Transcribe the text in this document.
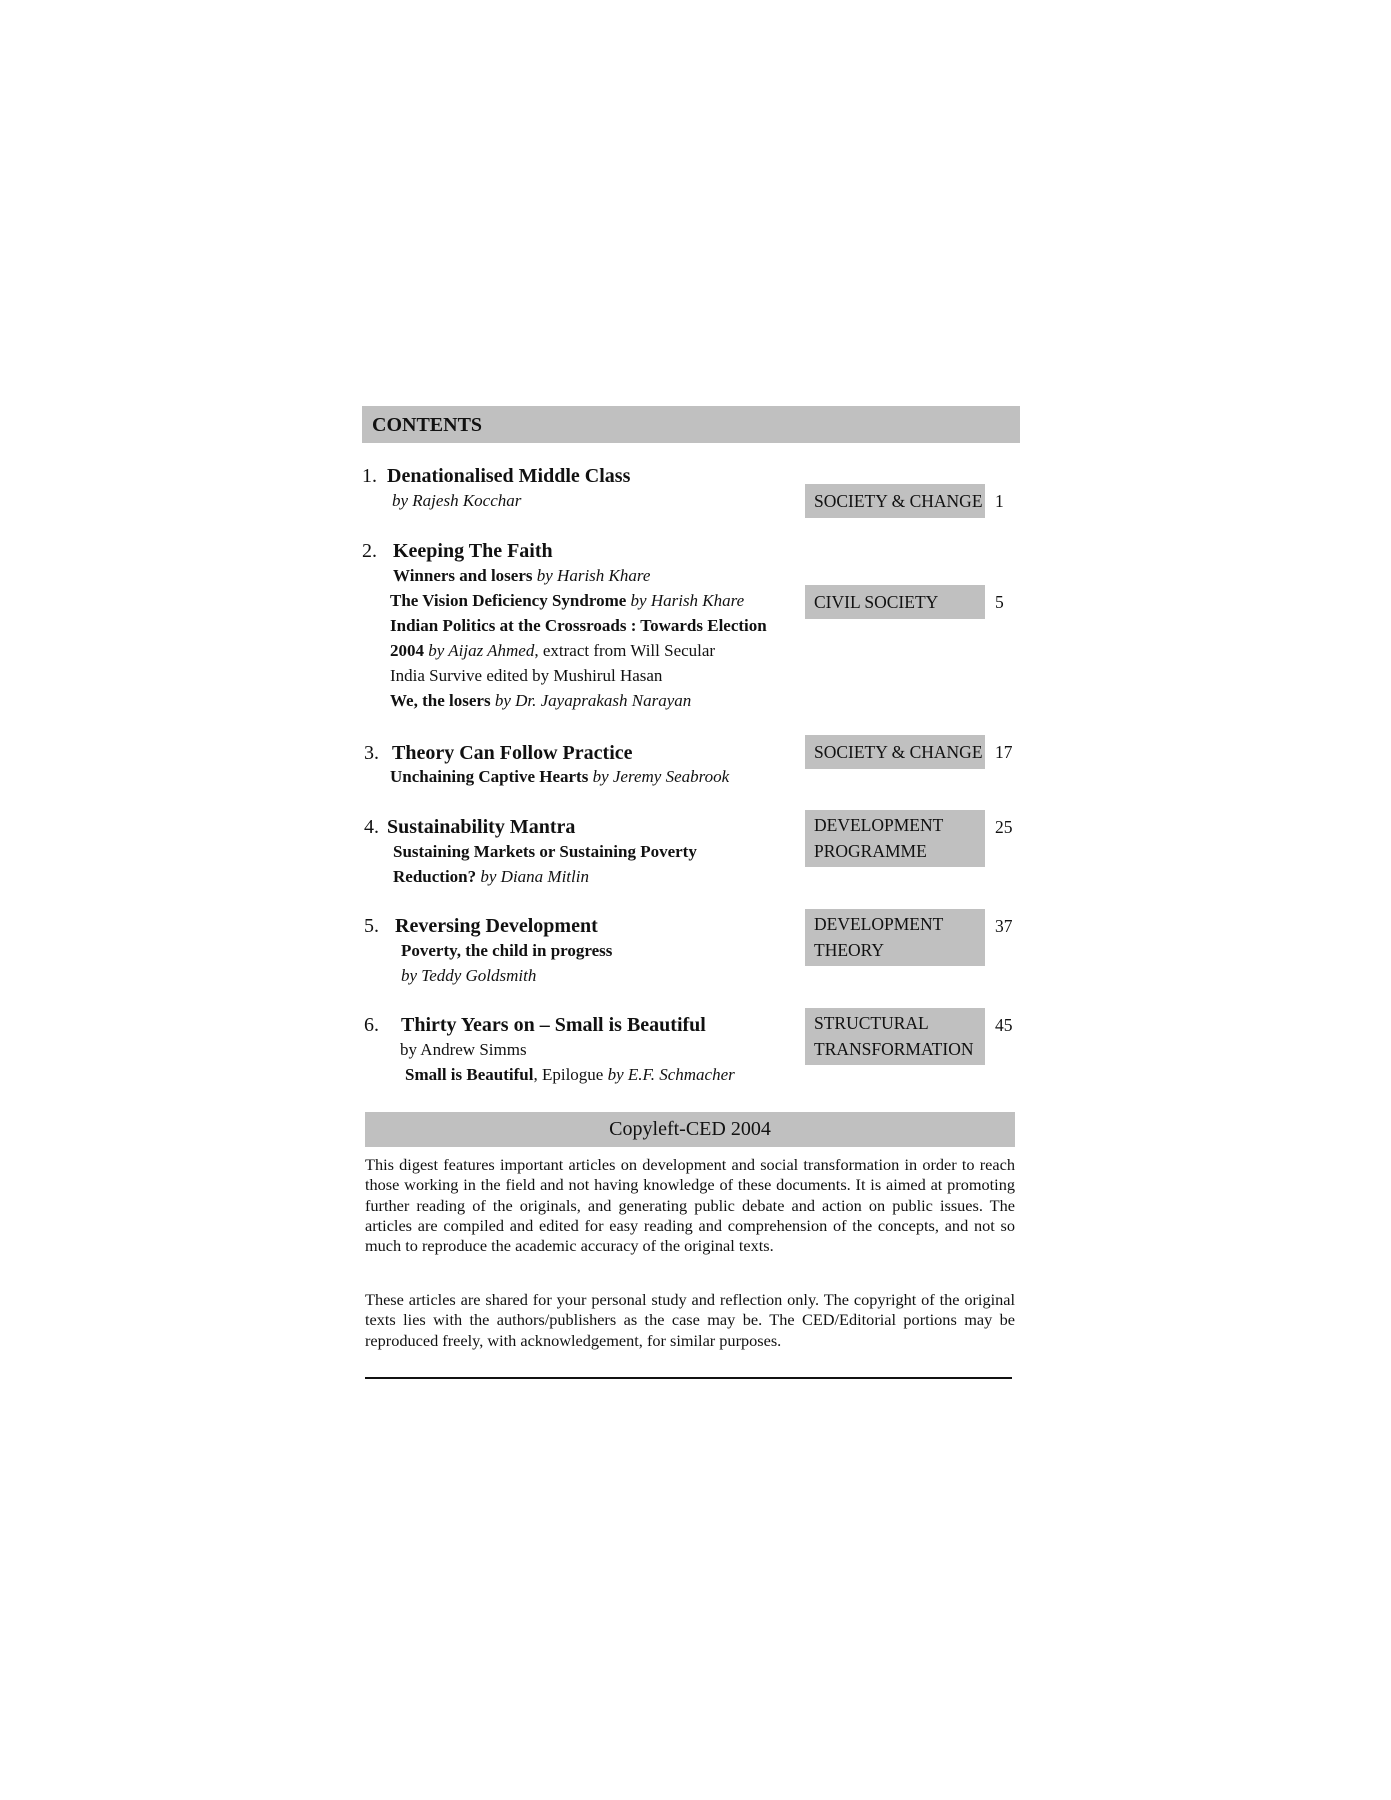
CONTENTS
1. Denationalised Middle Class
by Rajesh Kocchar	SOCIETY & CHANGE 1
2. Keeping The Faith
Winners and losers by Harish Khare
The Vision Deficiency Syndrome by Harish Khare
Indian Politics at the Crossroads : Towards Election
2004 by Aijaz Ahmed, extract from Will Secular
India Survive edited by Mushirul Hasan
We, the losers by Dr. Jayaprakash Narayan
CIVIL SOCIETY	5
3. Theory Can Follow Practice
Unchaining Captive Hearts by Jeremy Seabrook
SOCIETY & CHANGE 17
4. Sustainability Mantra
Sustaining Markets or Sustaining Poverty
Reduction? by Diana Mitlin
DEVELOPMENT
PROGRAMME
25
5. Reversing Development
Poverty, the child in progress
by Teddy Goldsmith
DEVELOPMENT
THEORY
37
6. Thirty Years on – Small is Beautiful
by Andrew Simms
Small is Beautiful, Epilogue by E.F. Schmacher
STRUCTURAL
TRANSFORMATION
45
Copyleft-CED 2004

This digest features important articles on development and social transformation in order to reach those working in the field and not having knowledge of these documents. It is aimed at promoting further reading of the originals, and generating public debate and action on public issues. The articles are compiled and edited for easy reading and comprehension of the concepts, and not so much to reproduce the academic accuracy of the original texts.

These articles are shared for your personal study and reflection only. The copyright of the original texts lies with the authors/publishers as the case may be. The CED/Editorial portions may be reproduced freely, with acknowledgement, for similar purposes.
